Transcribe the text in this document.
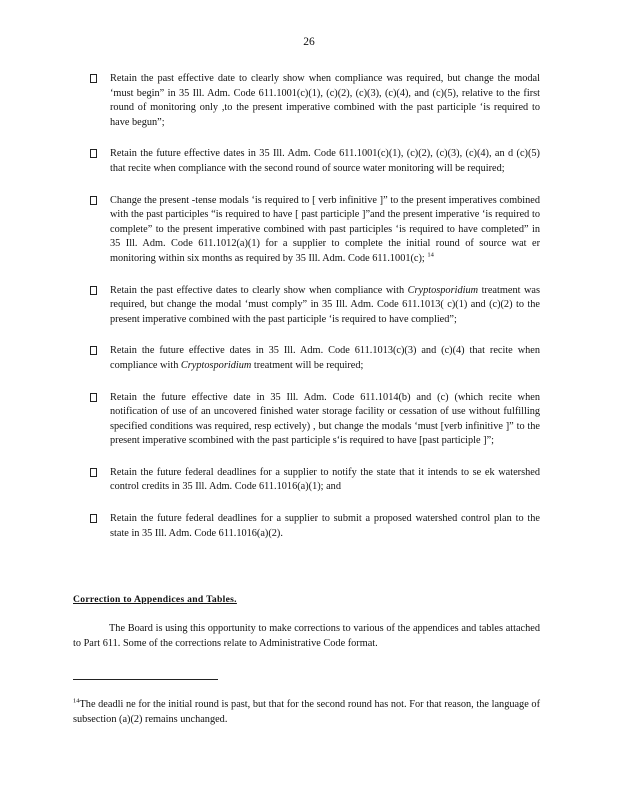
26
Retain the past effective date to clearly show when compliance was required, but change the modal ‘must begin” in 35 Ill. Adm. Code 611.1001(c)(1), (c)(2), (c)(3), (c)(4), and (c)(5), relative to the first round of monitoring only ,to the present imperative combined with the past participle ‘is required to have begun”;
Retain the future effective dates in 35 Ill. Adm. Code 611.1001(c)(1), (c)(2), (c)(3), (c)(4), an d (c)(5) that recite when compliance with the second round of source water monitoring will be required;
Change the present -tense modals ‘is required to [ verb infinitive ]” to the present imperatives combined with the past participles “is required to have [ past participle ]”and the present imperative ‘is required to complete” to the present imperative combined with past participles ‘is required to have completed” in 35 Ill. Adm. Code 611.1012(a)(1) for a supplier to complete the initial round of source wat er monitoring within six months as required by 35 Ill. Adm. Code 611.1001(c); $^{14}$
Retain the past effective dates to clearly show when compliance with Cryptosporidium treatment was required, but change the modal ‘must comply” in 35 Ill. Adm. Code 611.1013( c)(1) and (c)(2) to the present imperative combined with the past participle ‘is required to have complied”;
Retain the future effective dates in 35 Ill. Adm. Code 611.1013(c)(3) and (c)(4) that recite when compliance with Cryptosporidium treatment will be required;
Retain the future effective date in 35 Ill. Adm. Code 611.1014(b) and (c) (which recite when notification of use of an uncovered finished water storage facility or cessation of use without fulfilling specified conditions was required, resp ectively) , but change the modals ‘must [verb infinitive ]” to the present imperative scombined with the past participle s‘is required to have [past participle ]”;
Retain the future federal deadlines for a supplier to notify the state that it intends to se ek watershed control credits in 35 Ill. Adm. Code 611.1016(a)(1); and
Retain the future federal deadlines for a supplier to submit a proposed watershed control plan to the state in 35 Ill. Adm. Code 611.1016(a)(2).
Correction to Appendices and Tables.

The Board is using this opportunity to make corrections to various of the appendices and tables attached to Part 611. Some of the corrections relate to Administrative Code format.

$^{14}$The deadli ne for the initial round is past, but that for the second round has not. For that reason, the language of subsection (a)(2) remains unchanged.
